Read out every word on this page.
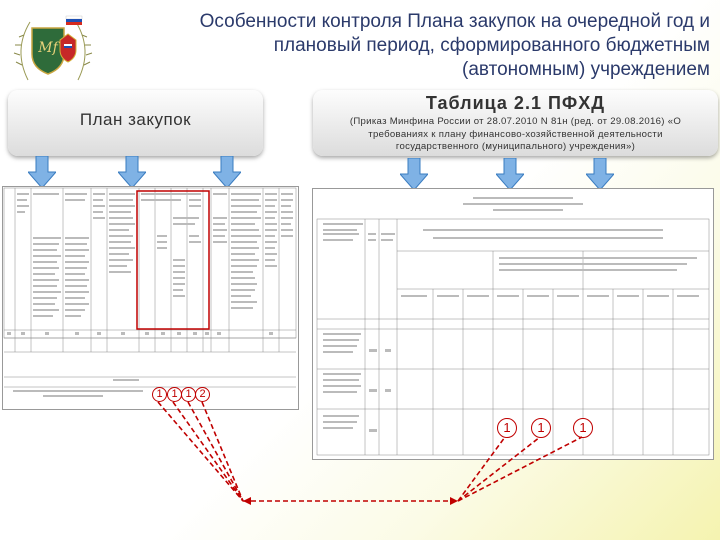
Mf
Особенности контроля Плана закупок на очередной год и
плановый период, сформированного бюджетным
(автономным) учреждением
План закупок
Таблица 2.1 ПФХД
(Приказ Минфина России от 28.07.2010 N 81н (ред. от 29.08.2016) «О
требованиях к плану финансово-хозяйственной деятельности
государственного (муниципального) учреждения»)
1 1 1 2
1	1	1
